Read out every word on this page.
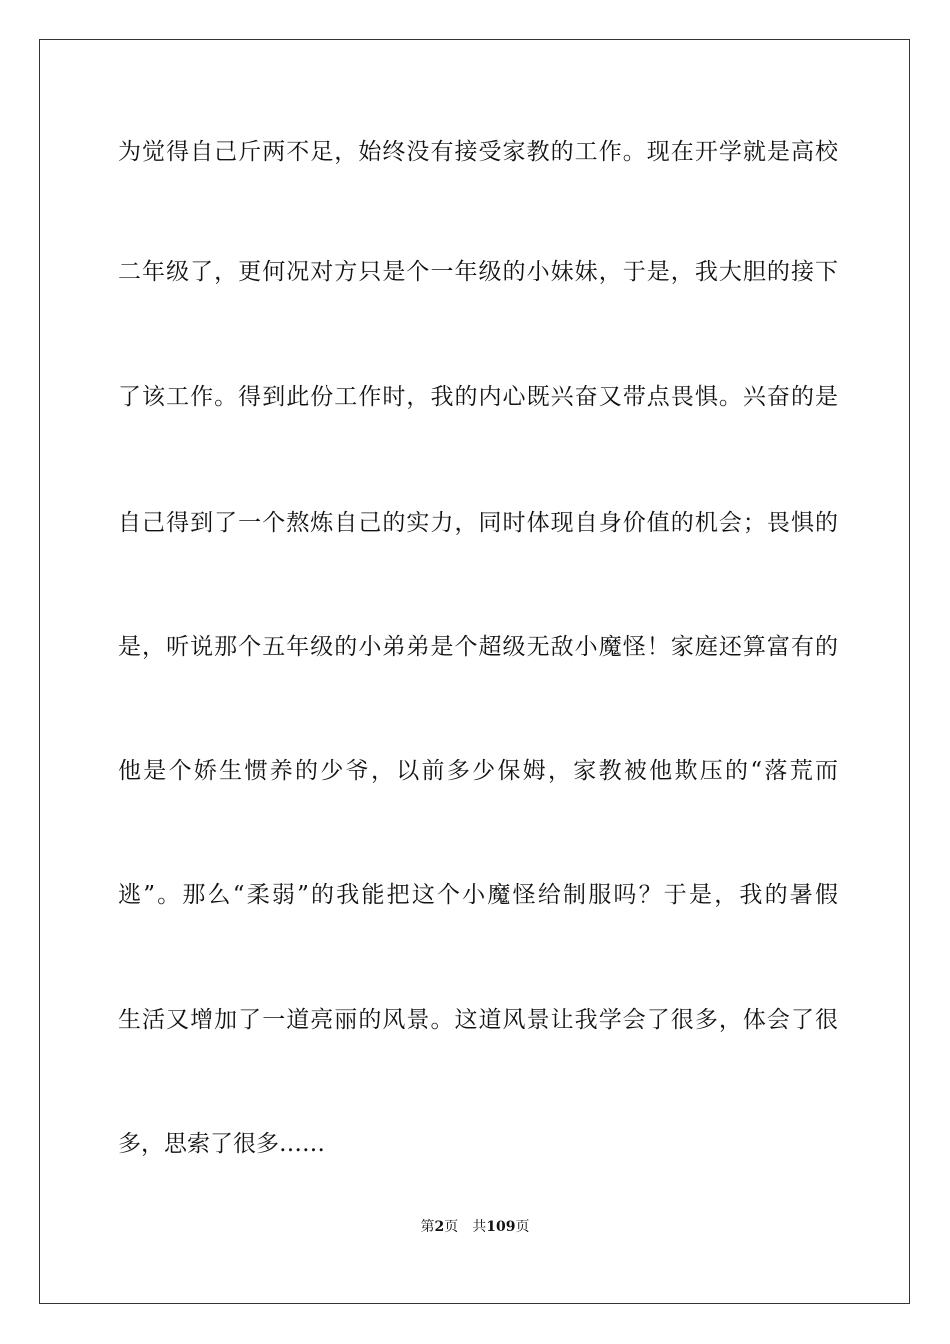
为觉得自己斤两不足，始终没有接受家教的工作。现在开学就是高校
二年级了，更何况对方只是个一年级的小妹妹，于是，我大胆的接下
了该工作。得到此份工作时，我的内心既兴奋又带点畏惧。兴奋的是
自己得到了一个熬炼自己的实力，同时体现自身价值的机会；畏惧的
是，听说那个五年级的小弟弟是个超级无敌小魔怪！家庭还算富有的
他是个娇生惯养的少爷，以前多少保姆，家教被他欺压的“落荒而
逃”。那么“柔弱”的我能把这个小魔怪给制服吗？于是，我的暑假
生活又增加了一道亮丽的风景。这道风景让我学会了很多，体会了很
多，思索了很多……
第2页 共109页
